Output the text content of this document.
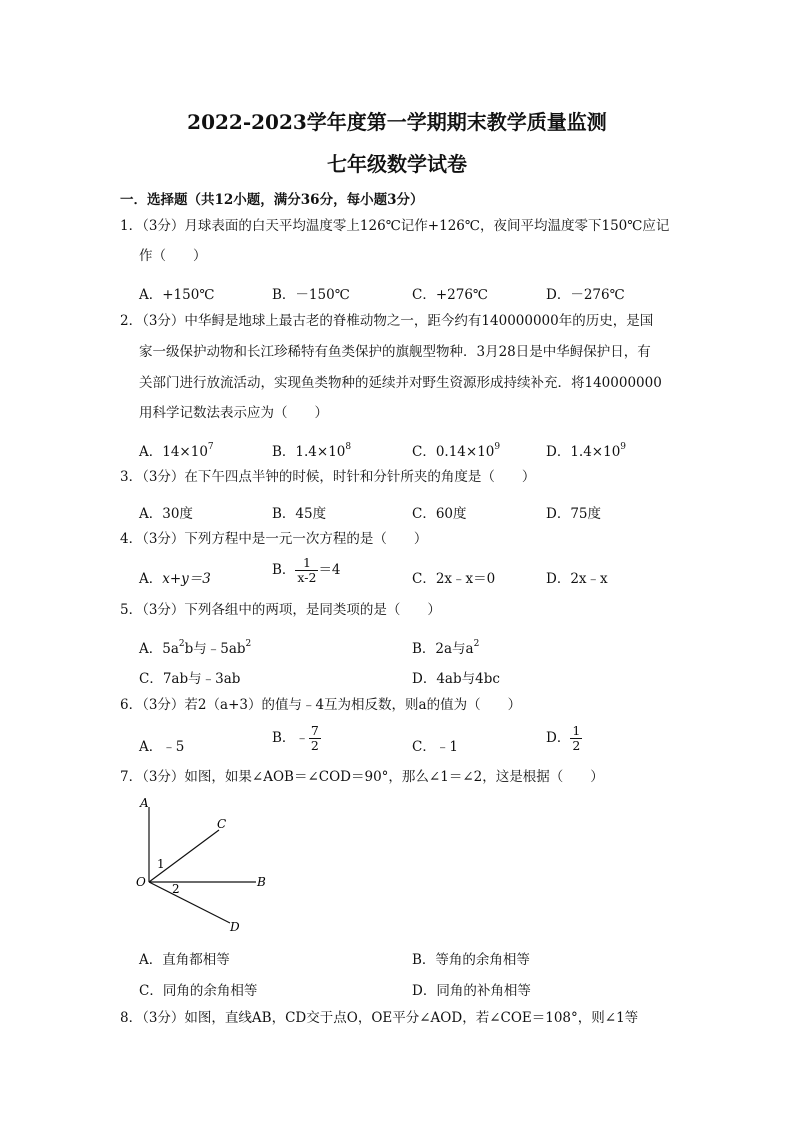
2022-2023学年度第一学期期末教学质量监测
七年级数学试卷
一．选择题（共12小题，满分36分，每小题3分）
1．（3分）月球表面的白天平均温度零上126℃记作+126℃，夜间平均温度零下150℃应记
作（　　）
A．+150℃	B．－150℃	C．+276℃	D．－276℃
2．（3分）中华鲟是地球上最古老的脊椎动物之一，距今约有140000000年的历史，是国
家一级保护动物和长江珍稀特有鱼类保护的旗舰型物种．3月28日是中华鲟保护日，有
关部门进行放流活动，实现鱼类物种的延续并对野生资源形成持续补充．将140000000
用科学记数法表示应为（　　）
A．$14\times 10^7$	B．$1.4\times 10^8$	C．$0.14\times 10^9$	D．$1.4\times 10^9$
3．（3分）在下午四点半钟的时候，时针和分针所夹的角度是（　　）
A．30度	B．45度	C．60度	D．75度
4．（3分）下列方程中是一元一次方程的是（　　）
A．x+y＝3
B． $\frac{1}{x-2} =4$
C．2x﹣x＝0	D．2x﹣x
5．（3分）下列各组中的两项，是同类项的是（　　）
A．$5a^2b$与$﹣5ab^2$	B．2a与$a^2$
C．7ab与﹣3ab	D．4ab与4bc
6．（3分）若2（a+3）的值与﹣4互为相反数，则a的值为（　　）
A．﹣5
B．﹣ $\frac{7}{2}$	C．﹣1
D． $\frac{1}{2}$
7．（3分）如图，如果∠AOB＝∠COD＝90°，那么∠1＝∠2，这是根据（　　）
A
C
O	B
D
1
2
A．直角都相等	B．等角的余角相等
C．同角的余角相等	D．同角的补角相等
8．（3分）如图，直线AB，CD交于点O，OE平分∠AOD，若∠COE＝108°，则∠1等
